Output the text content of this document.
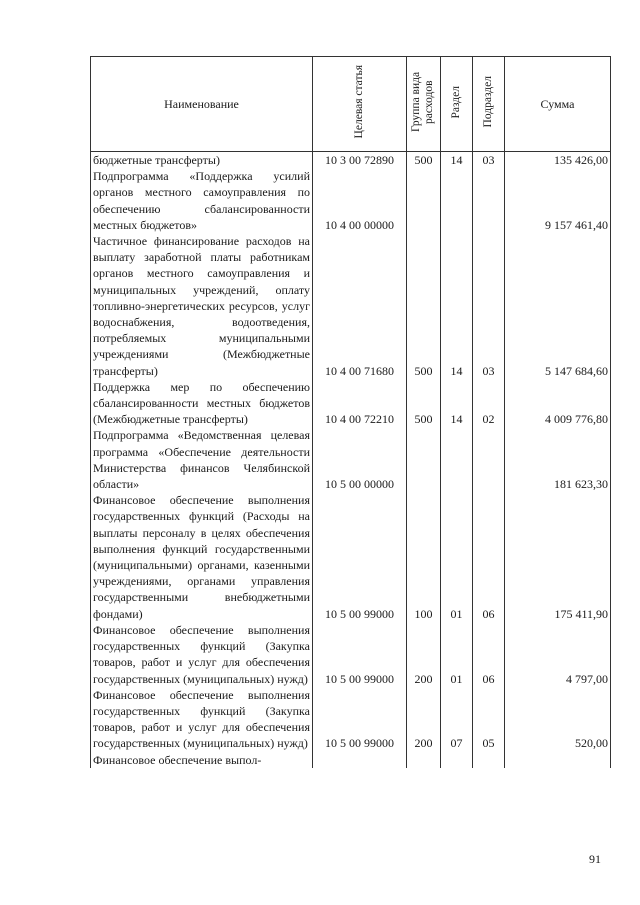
Наименование	Целевая статья	Группа вида расходов	Раздел	Подраздел	Сумма
бюджетные трансферты)	10 3 00 72890	500	14	03	135 426,00
Подпрограмма «Поддержка усилий органов местного самоуправления по обеспечению сбалансированности местных бюджетов»	10 4 00 00000				9 157 461,40
Частичное финансирование расходов на выплату заработной платы работникам органов местного самоуправления и муниципальных учреждений, оплату топливно-энергетических ресурсов, услуг водоснабжения, водоотведения, потребляемых муниципальными учреждениями (Межбюджетные трансферты)	10 4 00 71680	500	14	03	5 147 684,60
Поддержка мер по обеспечению сбалансированности местных бюджетов (Межбюджетные трансферты)	10 4 00 72210	500	14	02	4 009 776,80
Подпрограмма «Ведомственная целевая программа «Обеспечение деятельности Министерства финансов Челябинской области»	10 5 00 00000				181 623,30
Финансовое обеспечение выполнения государственных функций (Расходы на выплаты персоналу в целях обеспечения выполнения функций государственными (муниципальными) органами, казенными учреждениями, органами управления государственными внебюджетными фондами)	10 5 00 99000	100	01	06	175 411,90
Финансовое обеспечение выполнения государственных функций (Закупка товаров, работ и услуг для обеспечения государственных (муниципальных) нужд)	10 5 00 99000	200	01	06	4 797,00
Финансовое обеспечение выполнения государственных функций (Закупка товаров, работ и услуг для обеспечения государственных (муниципальных) нужд)	10 5 00 99000	200	07	05	520,00
Финансовое обеспечение выпол-					
91
